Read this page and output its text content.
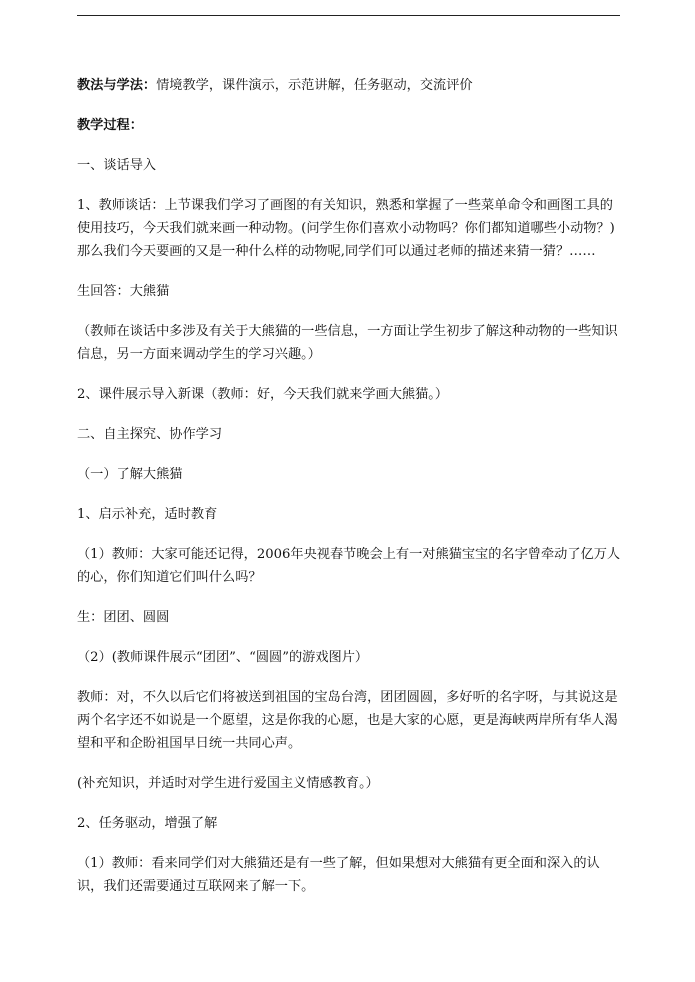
教法与学法：情境教学，课件演示，示范讲解，任务驱动，交流评价

教学过程：

一、谈话导入

1、教师谈话：上节课我们学习了画图的有关知识，熟悉和掌握了一些菜单命令和画图工具的使用技巧，今天我们就来画一种动物。(问学生你们喜欢小动物吗？你们都知道哪些小动物？)那么我们今天要画的又是一种什么样的动物呢,同学们可以通过老师的描述来猜一猜？……

生回答：大熊猫

（教师在谈话中多涉及有关于大熊猫的一些信息，一方面让学生初步了解这种动物的一些知识信息，另一方面来调动学生的学习兴趣。）

2、课件展示导入新课（教师：好，今天我们就来学画大熊猫。）

二、自主探究、协作学习

（一）了解大熊猫

1、启示补充，适时教育

（1）教师：大家可能还记得，2006年央视春节晚会上有一对熊猫宝宝的名字曾牵动了亿万人的心，你们知道它们叫什么吗？

生：团团、圆圆

（2）(教师课件展示“团团”、“圆圆”的游戏图片）

教师：对，不久以后它们将被送到祖国的宝岛台湾，团团圆圆，多好听的名字呀，与其说这是两个名字还不如说是一个愿望，这是你我的心愿，也是大家的心愿，更是海峡两岸所有华人渴望和平和企盼祖国早日统一共同心声。

(补充知识，并适时对学生进行爱国主义情感教育。）

2、任务驱动，增强了解

（1）教师：看来同学们对大熊猫还是有一些了解，但如果想对大熊猫有更全面和深入的认识，我们还需要通过互联网来了解一下。
